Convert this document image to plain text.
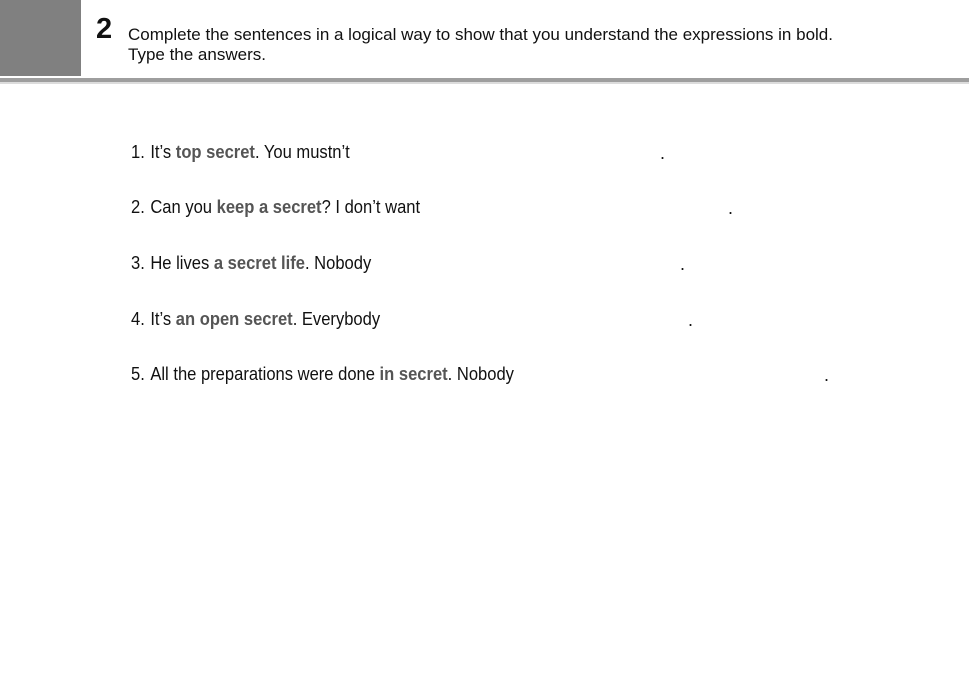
2 Complete the sentences in a logical way to show that you understand the expressions in bold.
Type the answers.
1. It’s top secret. You mustn’t	.
2. Can you keep a secret? I don’t want	.
3. He lives a secret life. Nobody	.
4. It’s an open secret. Everybody	.
5. All the preparations were done in secret. Nobody	.
